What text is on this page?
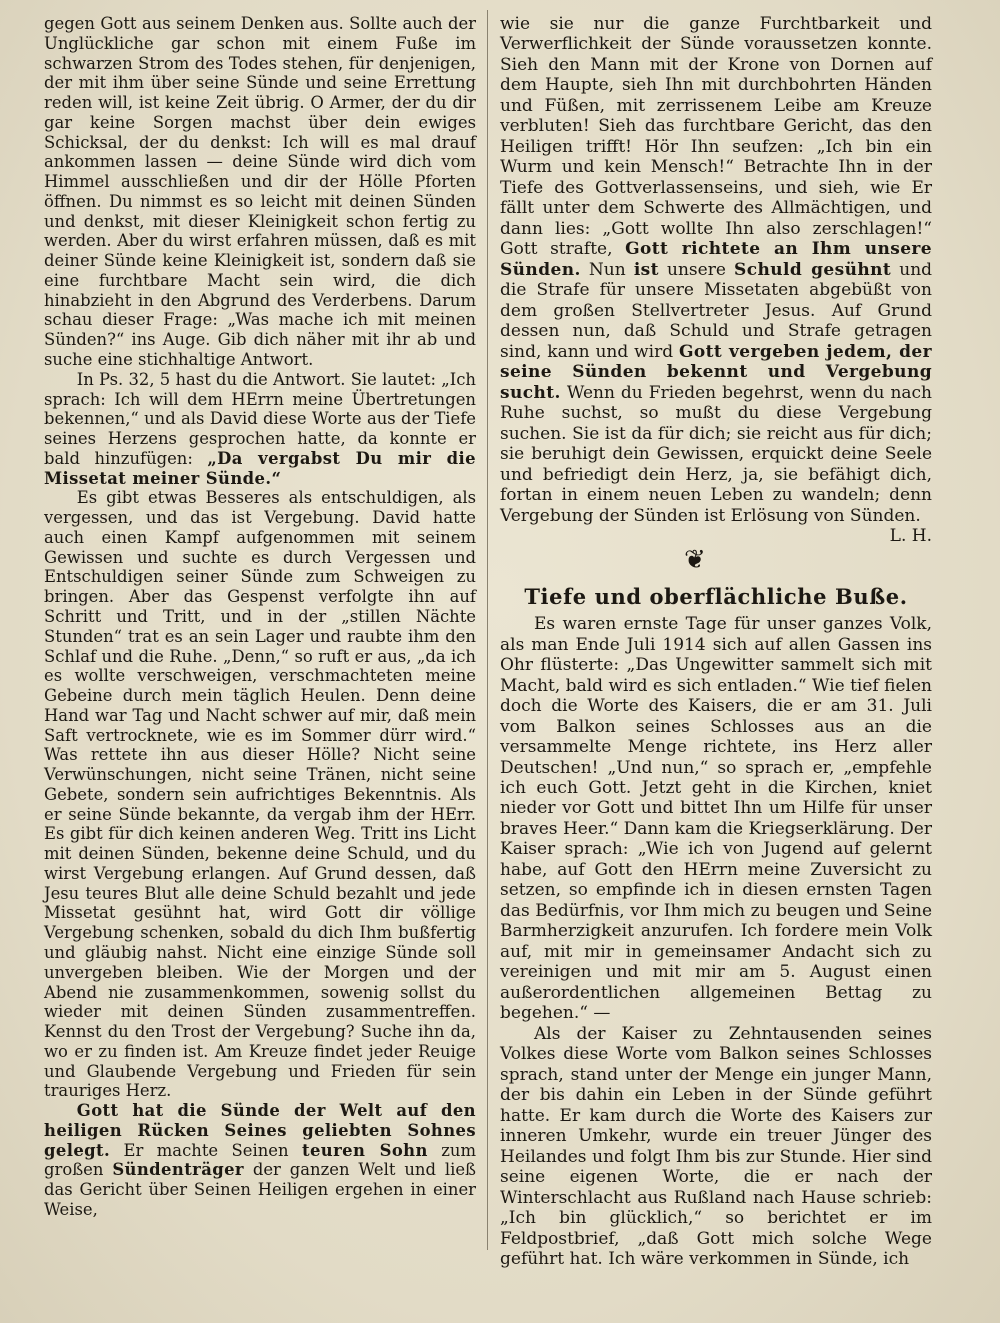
gegen Gott aus seinem Denken aus. Sollte auch der Unglückliche gar schon mit einem Fuße im schwarzen Strom des Todes stehen, für denjenigen, der mit ihm über seine Sünde und seine Errettung reden will, ist keine Zeit übrig. O Armer, der du dir gar keine Sorgen machst über dein ewiges Schicksal, der du denkst: Ich will es mal drauf ankommen lassen — deine Sünde wird dich vom Himmel ausschließen und dir der Hölle Pforten öffnen. Du nimmst es so leicht mit deinen Sünden und denkst, mit dieser Kleinigkeit schon fertig zu werden. Aber du wirst erfahren müssen, daß es mit deiner Sünde keine Kleinigkeit ist, sondern daß sie eine furchtbare Macht sein wird, die dich hinabzieht in den Abgrund des Verderbens. Darum schau dieser Frage: „Was mache ich mit meinen Sünden?“ ins Auge. Gib dich näher mit ihr ab und suche eine stichhaltige Antwort.

In Ps. 32, 5 hast du die Antwort. Sie lautet: „Ich sprach: Ich will dem HErrn meine Übertretungen bekennen,“ und als David diese Worte aus der Tiefe seines Herzens gesprochen hatte, da konnte er bald hinzufügen: „Da vergabst Du mir die Missetat meiner Sünde.“

Es gibt etwas Besseres als entschuldigen, als vergessen, und das ist Vergebung. David hatte auch einen Kampf aufgenommen mit seinem Gewissen und suchte es durch Vergessen und Entschuldigen seiner Sünde zum Schweigen zu bringen. Aber das Gespenst verfolgte ihn auf Schritt und Tritt, und in der „stillen Nächte Stunden“ trat es an sein Lager und raubte ihm den Schlaf und die Ruhe. „Denn,“ so ruft er aus, „da ich es wollte verschweigen, verschmachteten meine Gebeine durch mein täglich Heulen. Denn deine Hand war Tag und Nacht schwer auf mir, daß mein Saft vertrocknete, wie es im Sommer dürr wird.“ Was rettete ihn aus dieser Hölle? Nicht seine Verwünschungen, nicht seine Tränen, nicht seine Gebete, sondern sein aufrichtiges Bekenntnis. Als er seine Sünde bekannte, da vergab ihm der HErr. Es gibt für dich keinen anderen Weg. Tritt ins Licht mit deinen Sünden, bekenne deine Schuld, und du wirst Vergebung erlangen. Auf Grund dessen, daß Jesu teures Blut alle deine Schuld bezahlt und jede Missetat gesühnt hat, wird Gott dir völlige Vergebung schenken, sobald du dich Ihm bußfertig und gläubig nahst. Nicht eine einzige Sünde soll unvergeben bleiben. Wie der Morgen und der Abend nie zusammenkommen, sowenig sollst du wieder mit deinen Sünden zusammentreffen. Kennst du den Trost der Vergebung? Suche ihn da, wo er zu finden ist. Am Kreuze findet jeder Reuige und Glaubende Vergebung und Frieden für sein trauriges Herz.

Gott hat die Sünde der Welt auf den heiligen Rücken Seines geliebten Sohnes gelegt. Er machte Seinen teuren Sohn zum großen Sündenträger der ganzen Welt und ließ das Gericht über Seinen Heiligen ergehen in einer Weise,

wie sie nur die ganze Furchtbarkeit und Verwerflichkeit der Sünde voraussetzen konnte. Sieh den Mann mit der Krone von Dornen auf dem Haupte, sieh Ihn mit durchbohrten Händen und Füßen, mit zerrissenem Leibe am Kreuze verbluten! Sieh das furchtbare Gericht, das den Heiligen trifft! Hör Ihn seufzen: „Ich bin ein Wurm und kein Mensch!“ Betrachte Ihn in der Tiefe des Gottverlassenseins, und sieh, wie Er fällt unter dem Schwerte des Allmächtigen, und dann lies: „Gott wollte Ihn also zerschlagen!“ Gott strafte, Gott richtete an Ihm unsere Sünden. Nun ist unsere Schuld gesühnt und die Strafe für unsere Missetaten abgebüßt von dem großen Stellvertreter Jesus. Auf Grund dessen nun, daß Schuld und Strafe getragen sind, kann und wird Gott vergeben jedem, der seine Sünden bekennt und Vergebung sucht. Wenn du Frieden begehrst, wenn du nach Ruhe suchst, so mußt du diese Vergebung suchen. Sie ist da für dich; sie reicht aus für dich; sie beruhigt dein Gewissen, erquickt deine Seele und befriedigt dein Herz, ja, sie befähigt dich, fortan in einem neuen Leben zu wandeln; denn Vergebung der Sünden ist Erlösung von Sünden.
L. H.

❦
Tiefe und oberflächliche Buße.

Es waren ernste Tage für unser ganzes Volk, als man Ende Juli 1914 sich auf allen Gassen ins Ohr flüsterte: „Das Ungewitter sammelt sich mit Macht, bald wird es sich entladen.“ Wie tief fielen doch die Worte des Kaisers, die er am 31. Juli vom Balkon seines Schlosses aus an die versammelte Menge richtete, ins Herz aller Deutschen! „Und nun,“ so sprach er, „empfehle ich euch Gott. Jetzt geht in die Kirchen, kniet nieder vor Gott und bittet Ihn um Hilfe für unser braves Heer.“ Dann kam die Kriegserklärung. Der Kaiser sprach: „Wie ich von Jugend auf gelernt habe, auf Gott den HErrn meine Zuversicht zu setzen, so empfinde ich in diesen ernsten Tagen das Bedürfnis, vor Ihm mich zu beugen und Seine Barmherzigkeit anzurufen. Ich fordere mein Volk auf, mit mir in gemeinsamer Andacht sich zu vereinigen und mit mir am 5. August einen außerordentlichen allgemeinen Bettag zu begehen.“ —

Als der Kaiser zu Zehntausenden seines Volkes diese Worte vom Balkon seines Schlosses sprach, stand unter der Menge ein junger Mann, der bis dahin ein Leben in der Sünde geführt hatte. Er kam durch die Worte des Kaisers zur inneren Umkehr, wurde ein treuer Jünger des Heilandes und folgt Ihm bis zur Stunde. Hier sind seine eigenen Worte, die er nach der Winterschlacht aus Rußland nach Hause schrieb: „Ich bin glücklich,“ so berichtet er im Feldpostbrief, „daß Gott mich solche Wege geführt hat. Ich wäre verkommen in Sünde, ich
